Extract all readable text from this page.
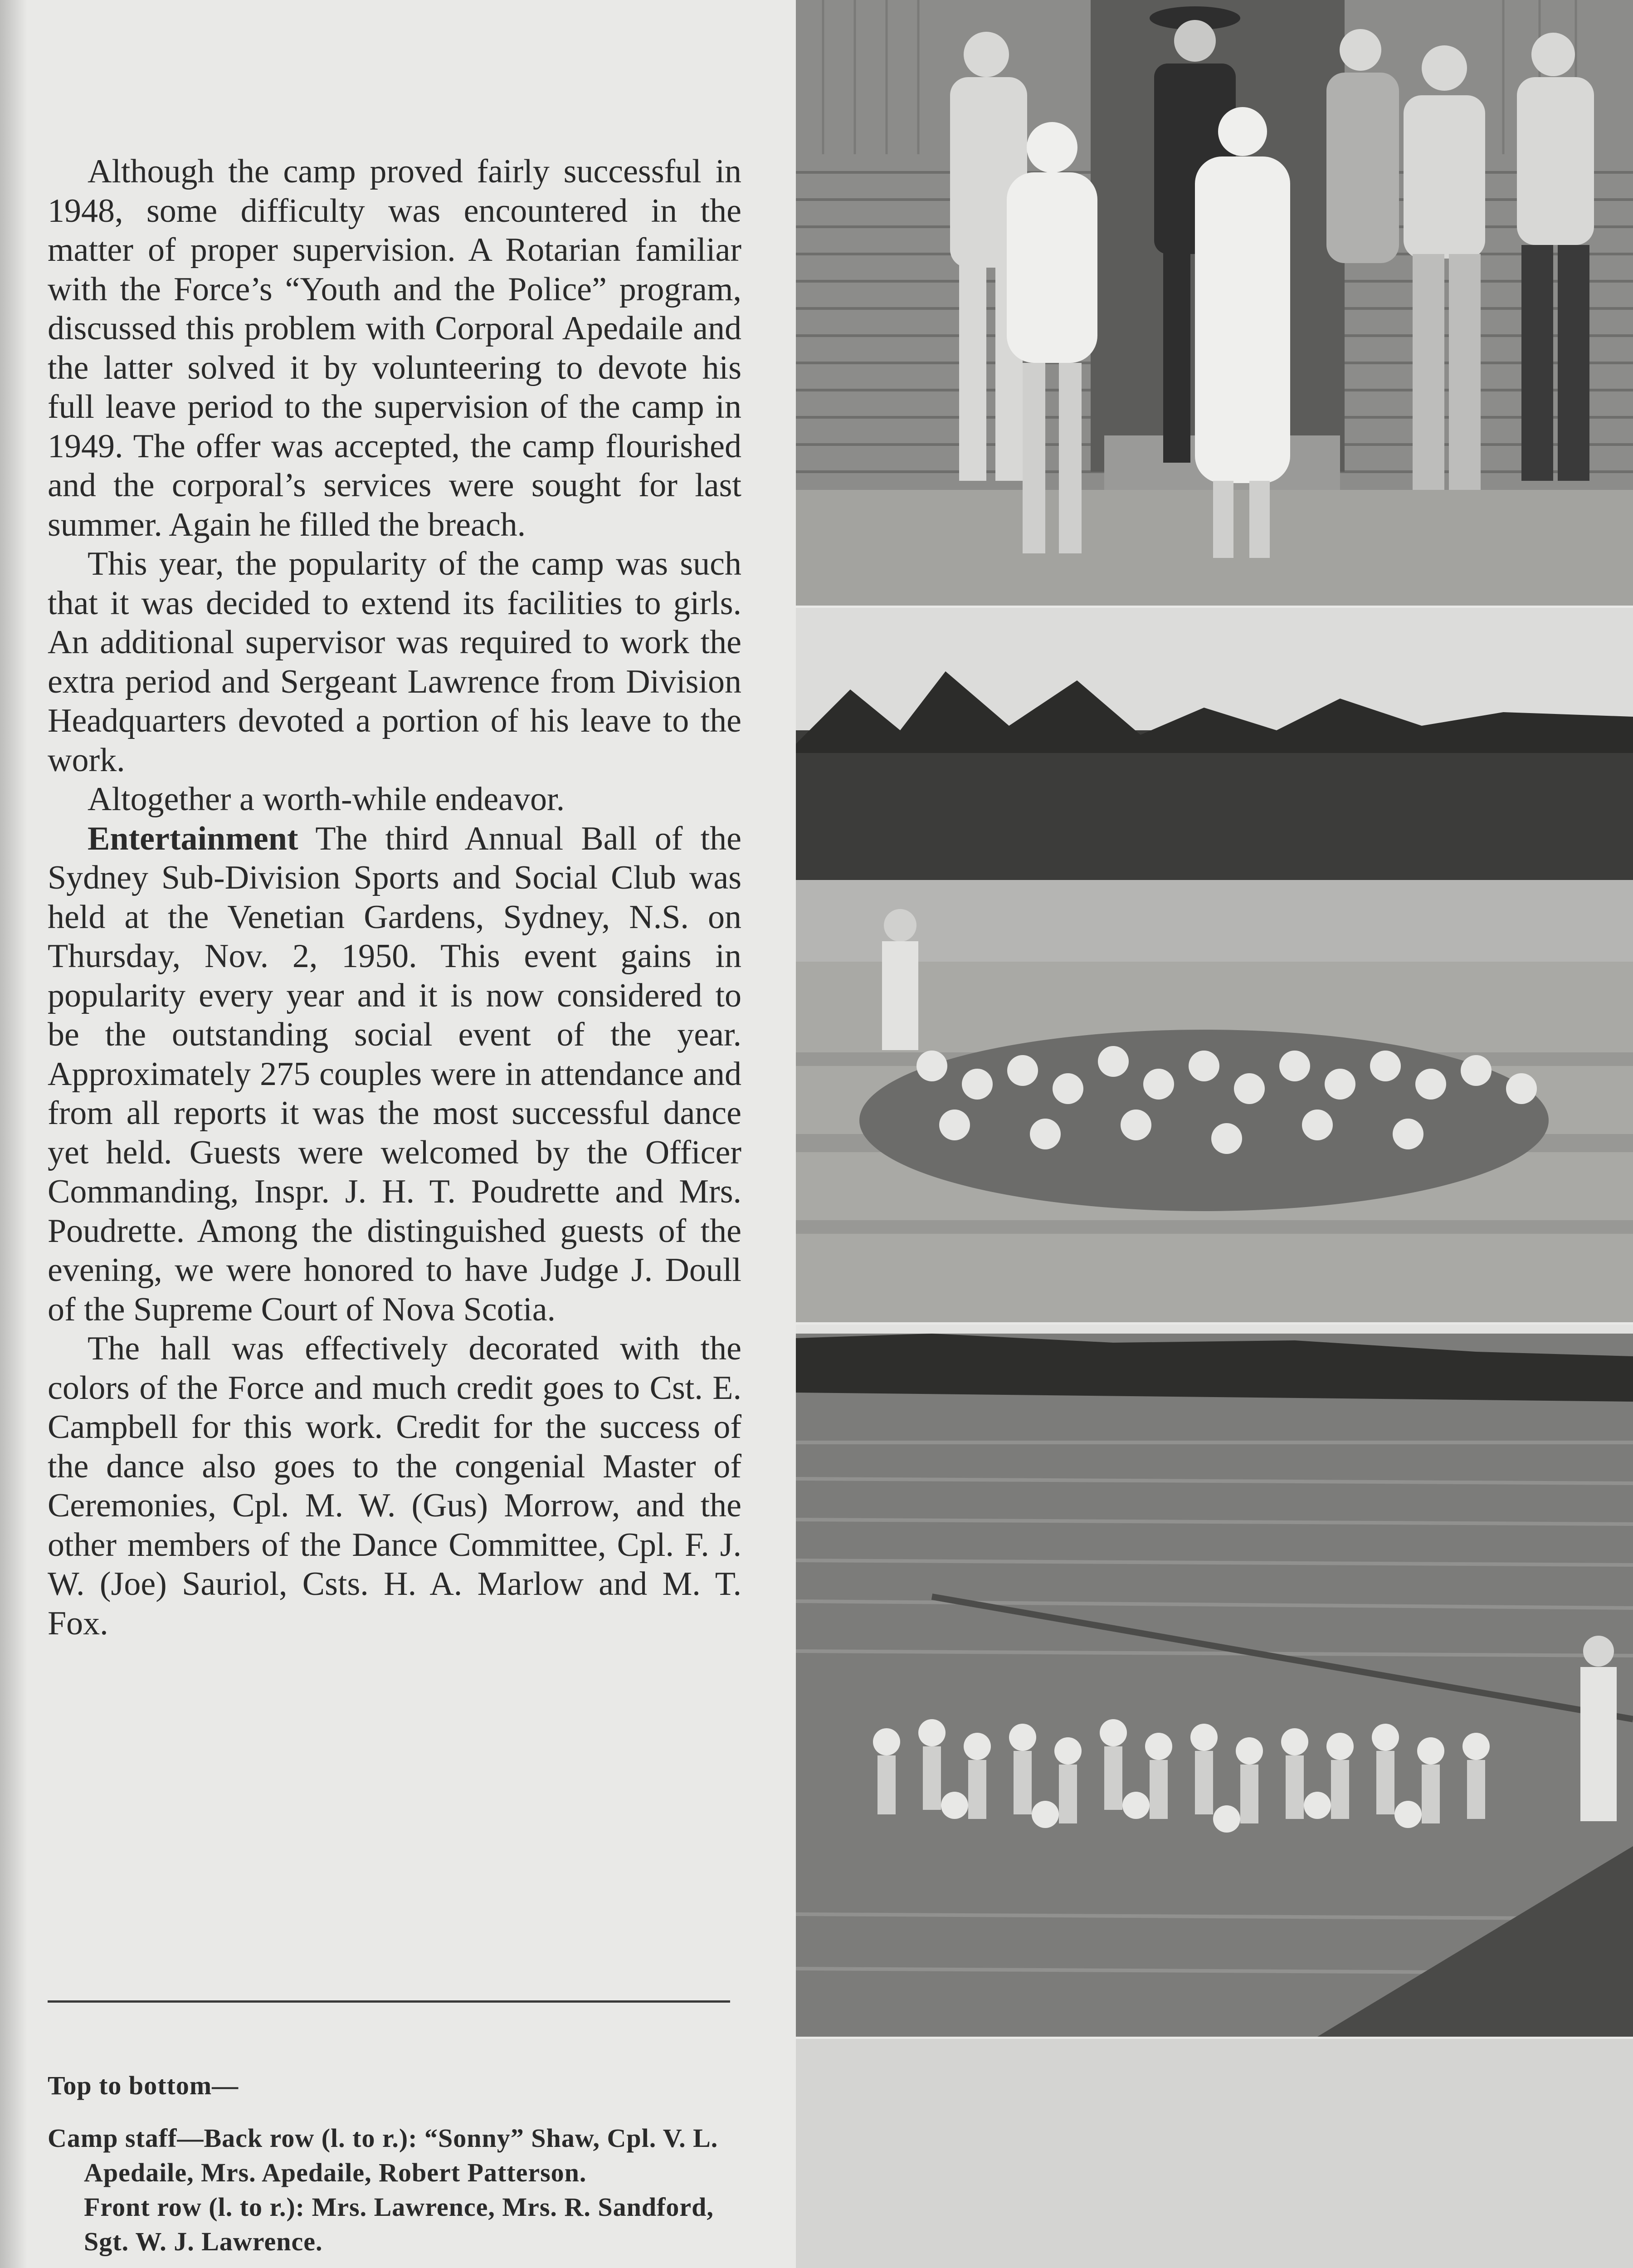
Although the camp proved fairly successful in 1948, some difficulty was encountered in the matter of proper supervision. A Rotarian familiar with the Force’s “Youth and the Police” program, discussed this problem with Corporal Apedaile and the latter solved it by volunteering to devote his full leave period to the supervision of the camp in 1949. The offer was accepted, the camp flourished and the corporal’s services were sought for last summer. Again he filled the breach.

This year, the popularity of the camp was such that it was decided to extend its facilities to girls. An additional supervisor was required to work the extra period and Sergeant Lawrence from Division Headquarters devoted a portion of his leave to the work.

Altogether a worth-while endeavor.

Entertainment The third Annual Ball of the Sydney Sub-Division Sports and Social Club was held at the Venetian Gardens, Sydney, N.S. on Thursday, Nov. 2, 1950. This event gains in popularity every year and it is now considered to be the outstanding social event of the year. Approximately 275 couples were in attendance and from all reports it was the most successful dance yet held. Guests were welcomed by the Officer Commanding, Inspr. J. H. T. Poudrette and Mrs. Poudrette. Among the distinguished guests of the evening, we were honored to have Judge J. Doull of the Supreme Court of Nova Scotia.

The hall was effectively decorated with the colors of the Force and much credit goes to Cst. E. Campbell for this work. Credit for the success of the dance also goes to the congenial Master of Ceremonies, Cpl. M. W. (Gus) Morrow, and the other members of the Dance Committee, Cpl. F. J. W. (Joe) Sauriol, Csts. H. A. Marlow and M. T. Fox.

Top to bottom—
Camp staff—Back row (l. to r.): “Sonny” Shaw, Cpl. V. L. Apedaile, Mrs. Apedaile, Robert Patterson.
Front row (l. to r.): Mrs. Lawrence, Mrs. R. Sandford, Sgt. W. J. Lawrence.
